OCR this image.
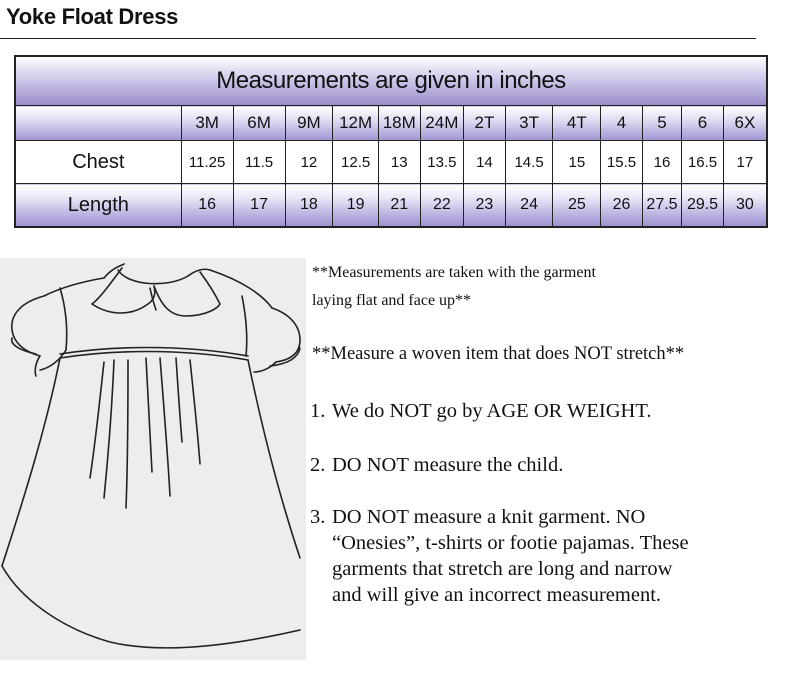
Yoke Float Dress
Measurements are given in inches													
	3M	6M	9M	12M	18M	24M	2T	3T	4T	4	5	6	6X
Chest	11.25	11.5	12	12.5	13	13.5	14	14.5	15	15.5	16	16.5	17
Length	16	17	18	19	21	22	23	24	25	26	27.5	29.5	30
**Measurements are taken with the garment
laying flat and face up**
**Measure a woven item that does NOT stretch**
1. We do NOT go by AGE OR WEIGHT.
2. DO NOT measure the child.
3. DO NOT measure a knit garment. NO
“Onesies”, t-shirts or footie pajamas. These
garments that stretch are long and narrow
and will give an incorrect measurement.
